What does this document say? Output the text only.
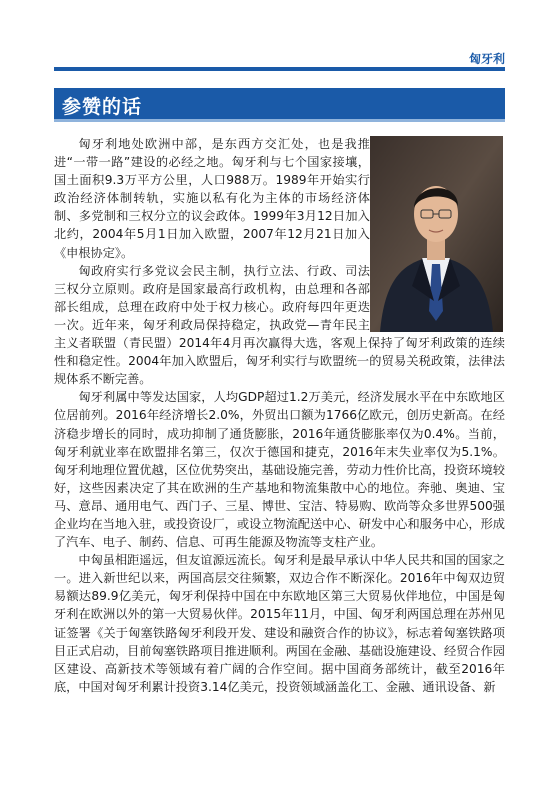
匈牙利
参赞的话

匈牙利地处欧洲中部，是东西方交汇处，也是我推进“一带一路”建设的必经之地。匈牙利与七个国家接壤，国土面积9.3万平方公里，人口988万。1989年开始实行政治经济体制转轨，实施以私有化为主体的市场经济体制、多党制和三权分立的议会政体。1999年3月12日加入北约，2004年5月1日加入欧盟，2007年12月21日加入《申根协定》。

匈政府实行多党议会民主制，执行立法、行政、司法三权分立原则。政府是国家最高行政机构，由总理和各部部长组成，总理在政府中处于权力核心。政府每四年更迭一次。近年来，匈牙利政局保持稳定，执政党—青年民主主义者联盟（青民盟）2014年4月再次赢得大选，客观上保持了匈牙利政策的连续性和稳定性。2004年加入欧盟后，匈牙利实行与欧盟统一的贸易关税政策，法律法规体系不断完善。

匈牙利属中等发达国家，人均GDP超过1.2万美元，经济发展水平在中东欧地区位居前列。2016年经济增长2.0%，外贸出口额为1766亿欧元，创历史新高。在经济稳步增长的同时，成功抑制了通货膨胀，2016年通货膨胀率仅为0.4%。当前，匈牙利就业率在欧盟排名第三，仅次于德国和捷克，2016年末失业率仅为5.1%。匈牙利地理位置优越，区位优势突出，基础设施完善，劳动力性价比高，投资环境较好，这些因素决定了其在欧洲的生产基地和物流集散中心的地位。奔驰、奥迪、宝马、意昂、通用电气、西门子、三星、博世、宝洁、特易购、欧尚等众多世界500强企业均在当地入驻，或投资设厂，或设立物流配送中心、研发中心和服务中心，形成了汽车、电子、制药、信息、可再生能源及物流等支柱产业。

中匈虽相距遥远，但友谊源远流长。匈牙利是最早承认中华人民共和国的国家之一。进入新世纪以来，两国高层交往频繁，双边合作不断深化。2016年中匈双边贸易额达89.9亿美元，匈牙利保持中国在中东欧地区第三大贸易伙伴地位，中国是匈牙利在欧洲以外的第一大贸易伙伴。2015年11月，中国、匈牙利两国总理在苏州见证签署《关于匈塞铁路匈牙利段开发、建设和融资合作的协议》，标志着匈塞铁路项目正式启动，目前匈塞铁路项目推进顺利。两国在金融、基础设施建设、经贸合作园区建设、高新技术等领域有着广阔的合作空间。据中国商务部统计，截至2016年底，中国对匈牙利累计投资3.14亿美元，投资领域涵盖化工、金融、通讯设备、新
